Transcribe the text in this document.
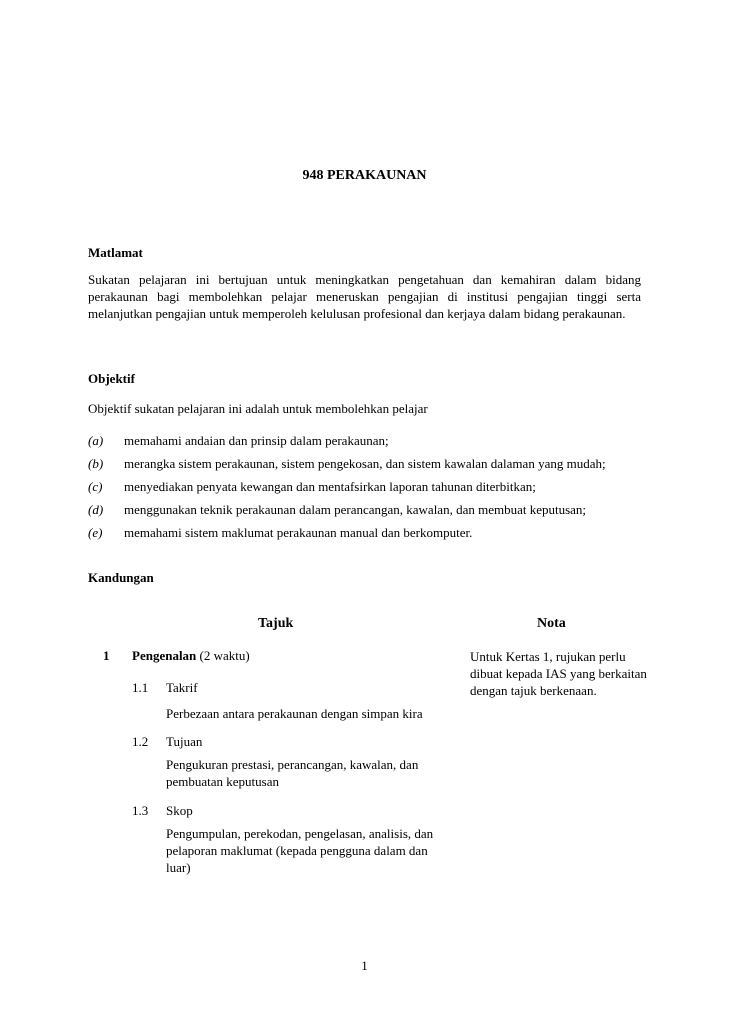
948 PERAKAUNAN
Matlamat
Sukatan pelajaran ini bertujuan untuk meningkatkan pengetahuan dan kemahiran dalam bidang perakaunan bagi membolehkan pelajar meneruskan pengajian di institusi pengajian tinggi serta melanjutkan pengajian untuk memperoleh kelulusan profesional dan kerjaya dalam bidang perakaunan.
Objektif
Objektif sukatan pelajaran ini adalah untuk membolehkan pelajar
(a) memahami andaian dan prinsip dalam perakaunan;
(b) merangka sistem perakaunan, sistem pengekosan, dan sistem kawalan dalaman yang mudah;
(c) menyediakan penyata kewangan dan mentafsirkan laporan tahunan diterbitkan;
(d) menggunakan teknik perakaunan dalam perancangan, kawalan, dan membuat keputusan;
(e) memahami sistem maklumat perakaunan manual dan berkomputer.
Kandungan
Tajuk	Nota
1 Pengenalan (2 waktu)	Untuk Kertas 1, rujukan perlu dibuat kepada IAS yang berkaitan dengan tajuk berkenaan.
1.1 Takrif
Perbezaan antara perakaunan dengan simpan kira
1.2 Tujuan
Pengukuran prestasi, perancangan, kawalan, dan pembuatan keputusan
1.3 Skop
Pengumpulan, perekodan, pengelasan, analisis, dan pelaporan maklumat (kepada pengguna dalam dan luar)
1
